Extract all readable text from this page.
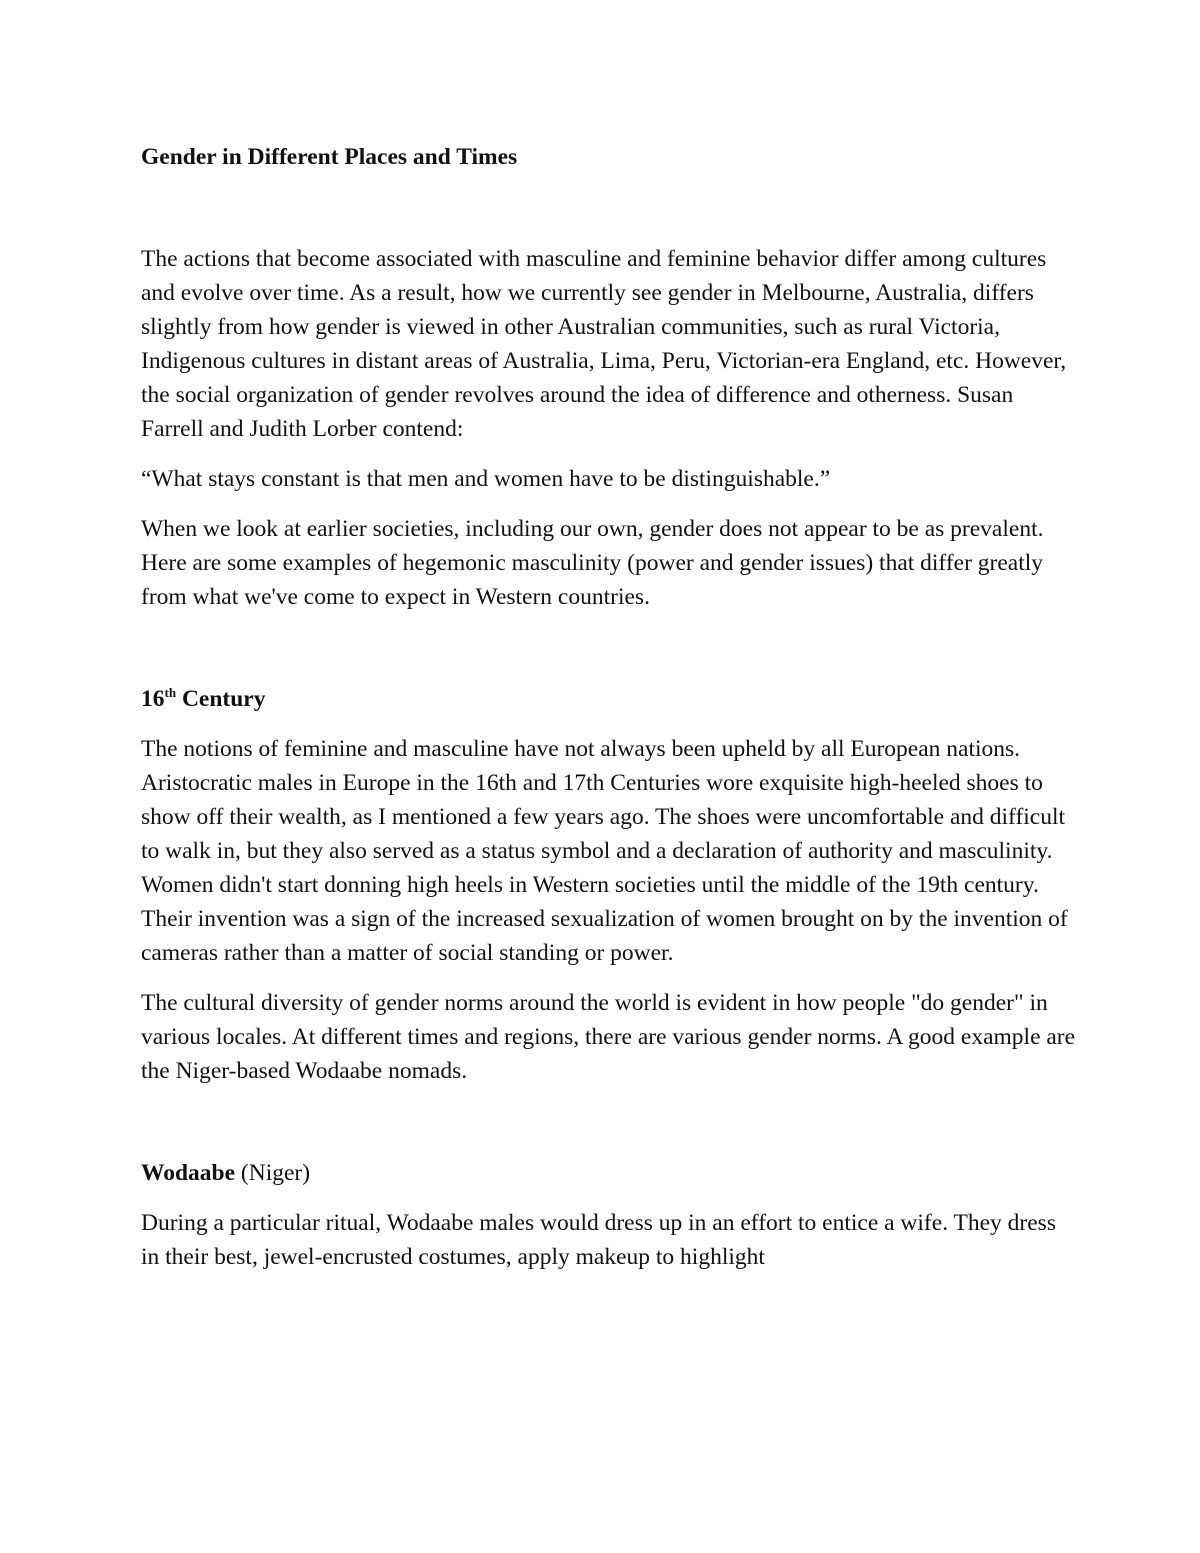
Gender in Different Places and Times

The actions that become associated with masculine and feminine behavior differ among cultures and evolve over time. As a result, how we currently see gender in Melbourne, Australia, differs slightly from how gender is viewed in other Australian communities, such as rural Victoria, Indigenous cultures in distant areas of Australia, Lima, Peru, Victorian-era England, etc. However, the social organization of gender revolves around the idea of difference and otherness. Susan Farrell and Judith Lorber contend:

“What stays constant is that men and women have to be distinguishable.”

When we look at earlier societies, including our own, gender does not appear to be as prevalent. Here are some examples of hegemonic masculinity (power and gender issues) that differ greatly from what we've come to expect in Western countries.

16th Century

The notions of feminine and masculine have not always been upheld by all European nations. Aristocratic males in Europe in the 16th and 17th Centuries wore exquisite high-heeled shoes to show off their wealth, as I mentioned a few years ago. The shoes were uncomfortable and difficult to walk in, but they also served as a status symbol and a declaration of authority and masculinity. Women didn't start donning high heels in Western societies until the middle of the 19th century. Their invention was a sign of the increased sexualization of women brought on by the invention of cameras rather than a matter of social standing or power.

The cultural diversity of gender norms around the world is evident in how people "do gender" in various locales. At different times and regions, there are various gender norms. A good example are the Niger-based Wodaabe nomads.

Wodaabe (Niger)

During a particular ritual, Wodaabe males would dress up in an effort to entice a wife. They dress in their best, jewel-encrusted costumes, apply makeup to highlight
